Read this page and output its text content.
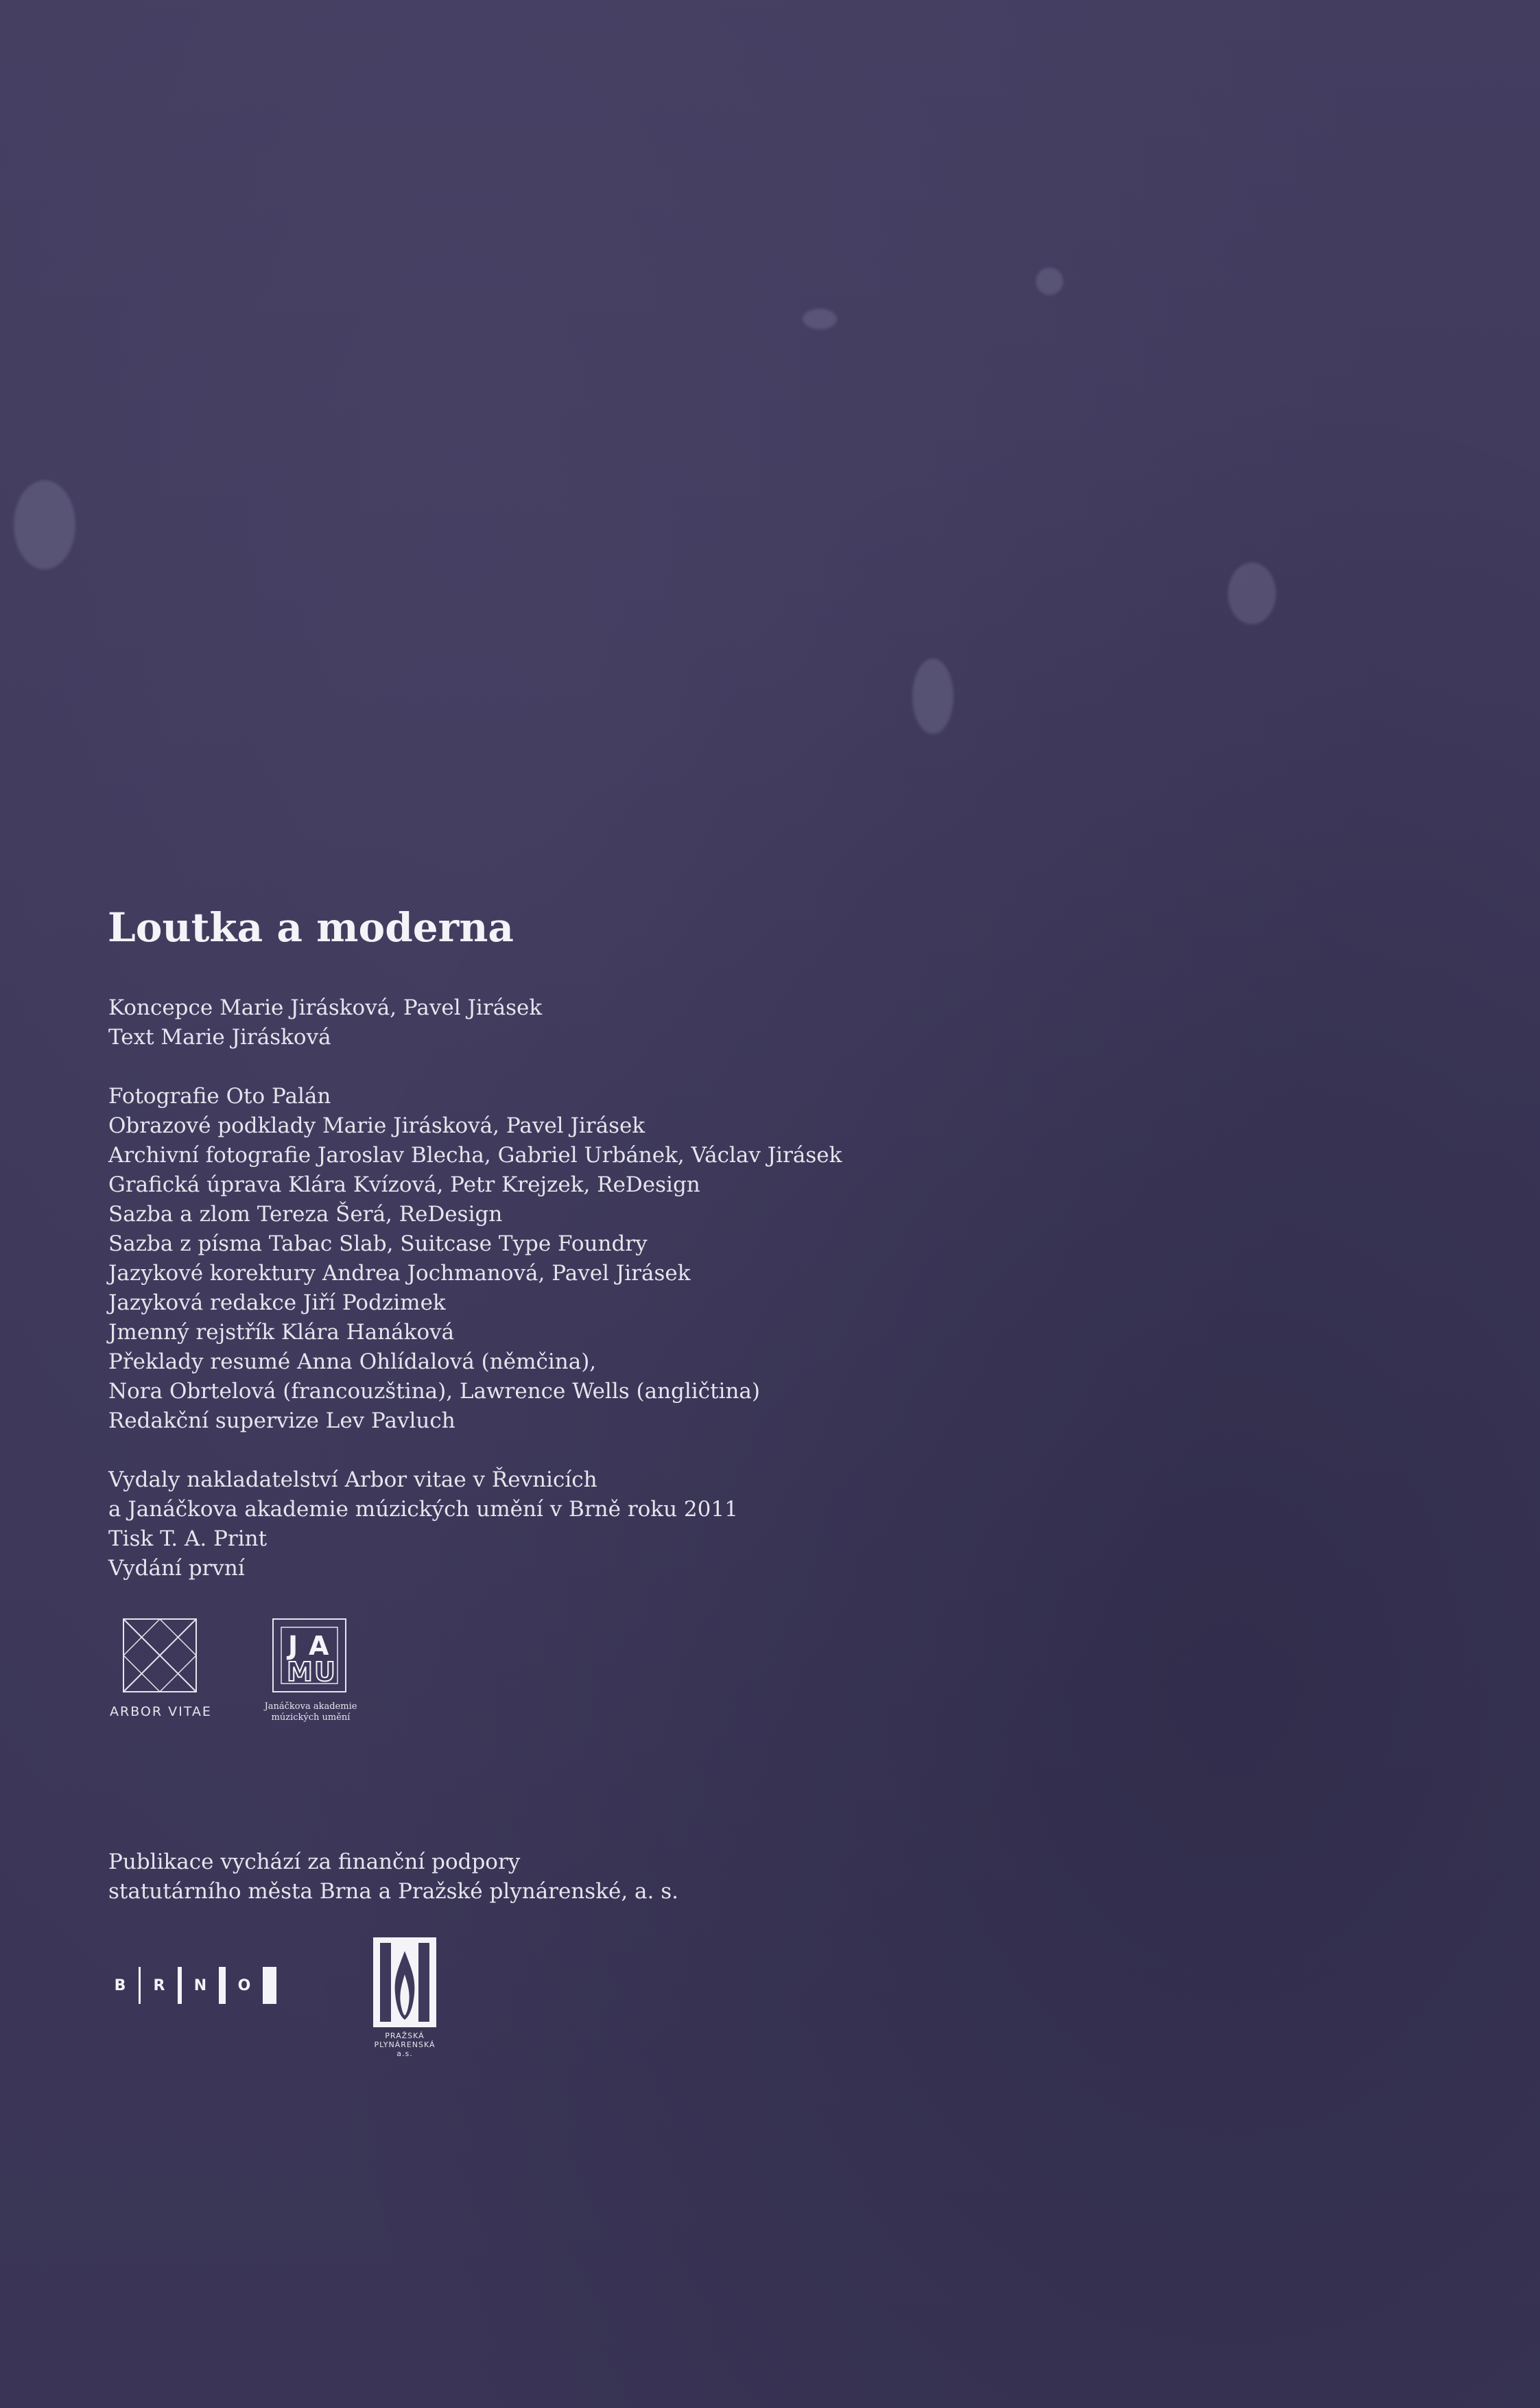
Loutka a moderna

Koncepce Marie Jirásková, Pavel Jirásek

Text Marie Jirásková

Fotografie Oto Palán

Obrazové podklady Marie Jirásková, Pavel Jirásek

Archivní fotografie Jaroslav Blecha, Gabriel Urbánek, Václav Jirásek

Grafická úprava Klára Kvízová, Petr Krejzek, ReDesign

Sazba a zlom Tereza Šerá, ReDesign

Sazba z písma Tabac Slab, Suitcase Type Foundry

Jazykové korektury Andrea Jochmanová, Pavel Jirásek

Jazyková redakce Jiří Podzimek

Jmenný rejstřík Klára Hanáková

Překlady resumé Anna Ohlídalová (němčina),

Nora Obrtelová (francouzština), Lawrence Wells (angličtina)

Redakční supervize Lev Pavluch

Vydaly nakladatelství Arbor vitae v Řevnicích

a Janáčkova akademie múzických umění v Brně roku 2011

Tisk T. A. Print

Vydání první

ARBOR VITAE
J A
M U
Janáčkova akademie
múzických umění

Publikace vychází za finanční podpory

statutárního města Brna a Pražské plynárenské, a. s.

B	R N O
PRAŽSKÁ
PLYNÁRENSKÁ
a.s.
